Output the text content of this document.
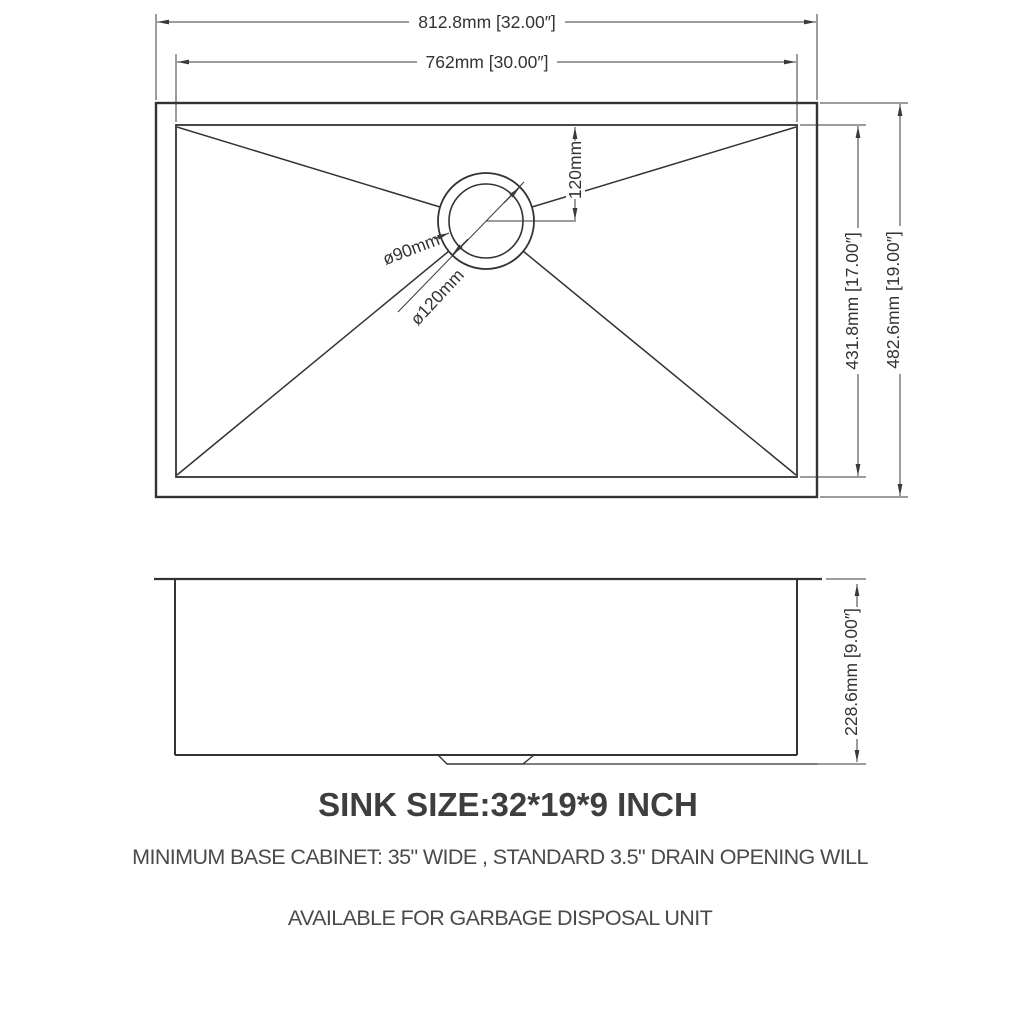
812.8mm [32.00″]
762mm [30.00″]
431.8mm [17.00″] 482.6mm [19.00″]
120mm
ø90mm
ø120mm
228.6mm [9.00″]
SINK SIZE:32*19*9 INCH
MINIMUM BASE CABINET: 35" WIDE , STANDARD 3.5" DRAIN OPENING WILL
AVAILABLE FOR GARBAGE DISPOSAL UNIT
